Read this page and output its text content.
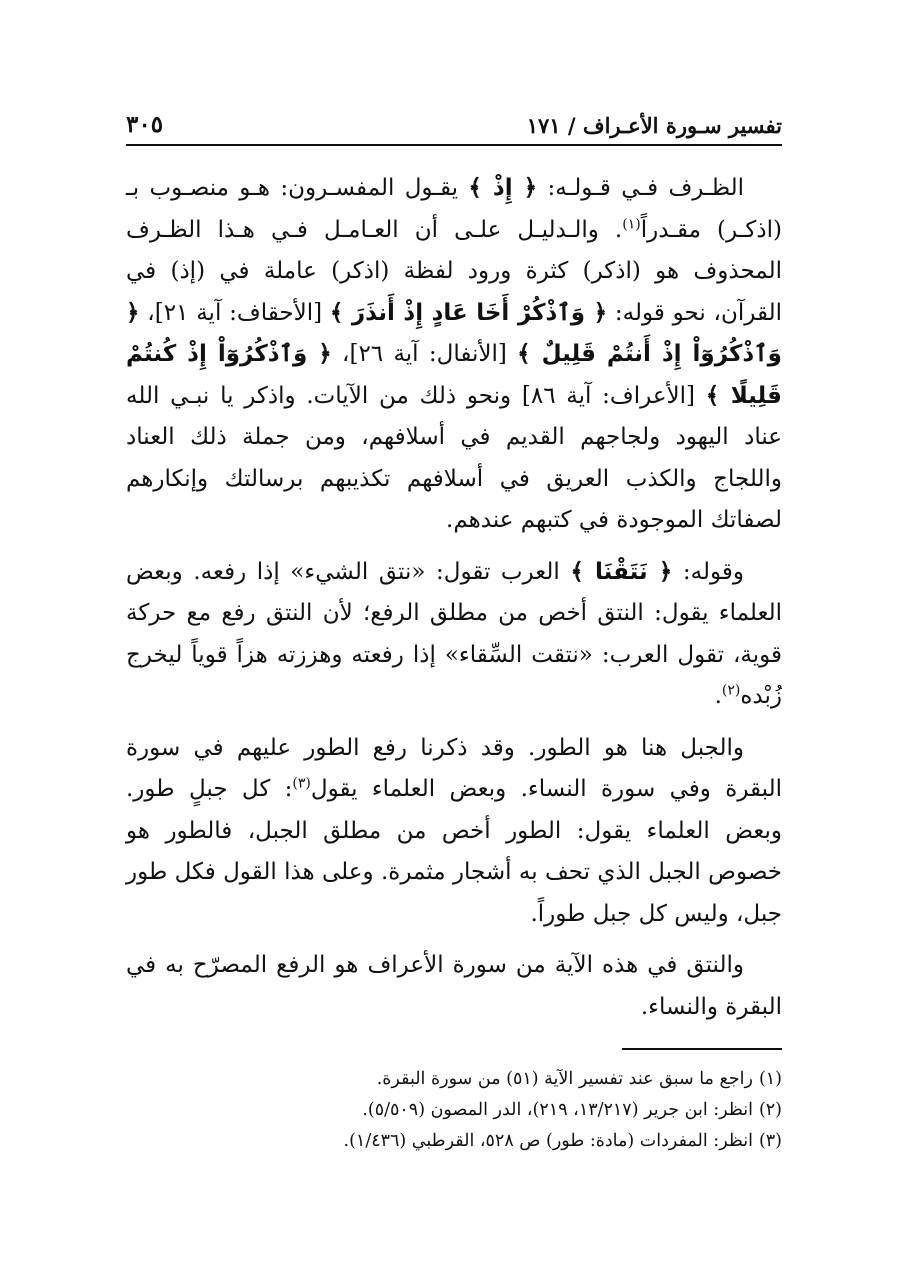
تفسير سـورة الأعـراف / ١٧١
٣٠٥

الظـرف فـي قـولـه: ﴿ إِذْ ﴾ يقـول المفسـرون: هـو منصـوب بـ (اذكـر) مقـدراً$^{(١)}$. والـدليـل علـى أن العـامـل فـي هـذا الظـرف المحذوف هو (اذكر) كثرة ورود لفظة (اذكر) عاملة في (إذ) في القرآن، نحو قوله: ﴿ وَٱذْكُرْ أَخَا عَادٍ إِذْ أَنذَرَ ﴾ [الأحقاف: آية ٢١]، ﴿ وَٱذْكُرُوٓاْ إِذْ أَنتُمْ قَلِيلٌ ﴾ [الأنفال: آية ٢٦]، ﴿ وَٱذْكُرُوٓاْ إِذْ كُنتُمْ قَلِيلًا ﴾ [الأعراف: آية ٨٦] ونحو ذلك من الآيات. واذكر يا نبـي الله عناد اليهود ولجاجهم القديم في أسلافهم، ومن جملة ذلك العناد واللجاج والكذب العريق في أسلافهم تكذيبهم برسالتك وإنكارهم لصفاتك الموجودة في كتبهم عندهم.

وقوله: ﴿ نَتَقْنَا ﴾ العرب تقول: «نتق الشيء» إذا رفعه. وبعض العلماء يقول: النتق أخص من مطلق الرفع؛ لأن النتق رفع مع حركة قوية، تقول العرب: «نتقت السِّقاء» إذا رفعته وهززته هزاً قوياً ليخرج زُبْده$^{(٢)}$.

والجبل هنا هو الطور. وقد ذكرنا رفع الطور عليهم في سورة البقرة وفي سورة النساء. وبعض العلماء يقول$^{(٣)}$: كل جبلٍ طور. وبعض العلماء يقول: الطور أخص من مطلق الجبل، فالطور هو خصوص الجبل الذي تحف به أشجار مثمرة. وعلى هذا القول فكل طور جبل، وليس كل جبل طوراً.

والنتق في هذه الآية من سورة الأعراف هو الرفع المصرّح به في البقرة والنساء.

(١)راجع ما سبق عند تفسير الآية (٥١) من سورة البقرة.

(٢)انظر: ابن جرير (١٣/٢١٧، ٢١٩)، الدر المصون (٥/٥٠٩).

(٣)انظر: المفردات (مادة: طور) ص ٥٢٨، القرطبي (١/٤٣٦).
